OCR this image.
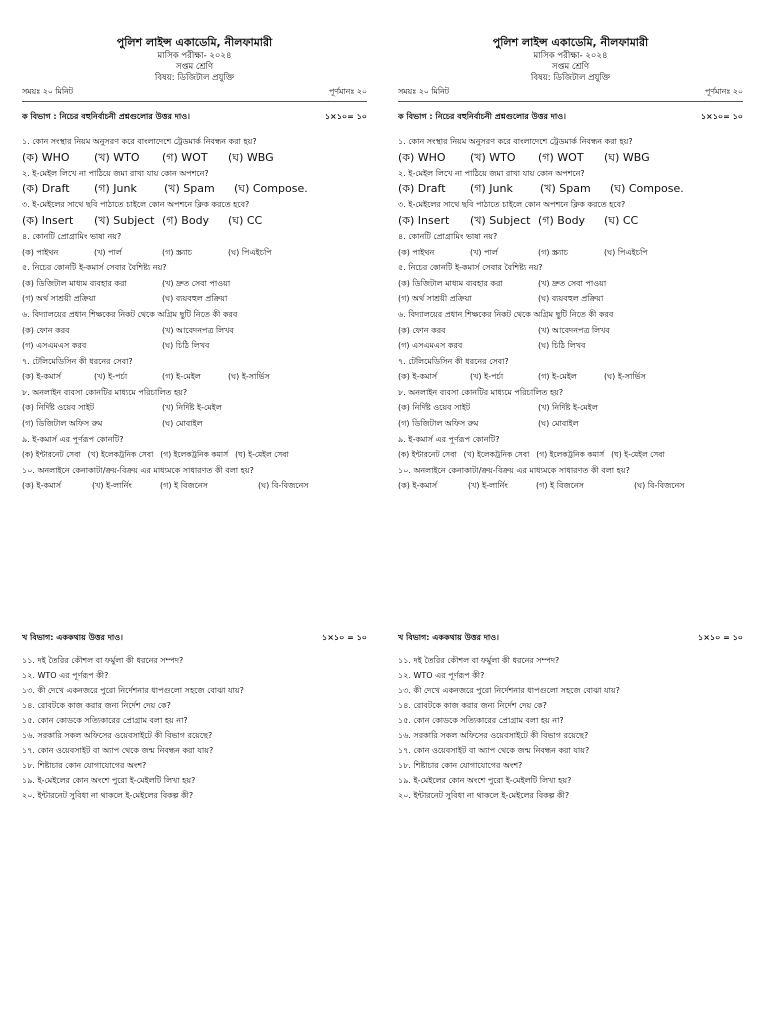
পুলিশ লাইন্স একাডেমি, নীলফামারী
মাসিক পরীক্ষা- ২০২৪
সপ্তম শ্রেণি
বিষয়: ডিজিটাল প্রযুক্তি
সময়ঃ ২০ মিনিট	পূর্ণমানঃ ২০
ক বিভাগ : নিচের বহুনির্বাচনী প্রশ্নগুলোর উত্তর দাও।	১×১০= ১০
১. কোন সংস্থার নিয়ম অনুসরণ করে বাংলাদেশে ট্রেডমার্ক নিবন্ধন করা হয়?
(ক) WHO	(খ) WTO	(গ) WOT	(ঘ) WBG
২. ই-মেইল লিখে না পাঠিয়ে জমা রাখা যায় কোন অপশনে?
(ক) Draft	(গ) Junk	(খ) Spam	(ঘ) Compose.
৩. ই-মেইলের সাথে ছবি পাঠাতে চাইলে কোন অপশনে ক্লিক করতে হবে?
(ক) Insert	(খ) Subject (গ) Body	(ঘ) CC
৪. কোনটি প্রোগ্রামিং ভাষা নয়?
(ক) পাইথন	(খ) পার্ল	(গ) স্ক্র্যাচ	(ঘ) পিএইচপি
৫. নিচের কোনটি ই-কমার্স সেবার বৈশিষ্ট্য নয়?
(ক) ডিজিটাল মাধ্যম ব্যবহার করা	(খ) দ্রুত সেবা পাওয়া
(গ) অর্থ সাশ্রয়ী প্রক্রিয়া	(ঘ) ব্যয়বহুল প্রক্রিয়া
৬. বিদ্যালয়ের প্রধান শিক্ষকের নিকট থেকে অগ্রিম ছুটি নিতে কী করব
(ক) ফোন করব	(খ) আবেদনপত্র লিখব
(গ) এসএমএস করব	(ঘ) চিঠি লিখব
৭. টেলিমেডিসিন কী ধরনের সেবা?
(ক) ই-কমার্স	(খ) ই-পর্চা	(গ) ই-মেইল	(ঘ) ই-সার্ভিস
৮. অনলাইন ব্যবসা কোনটির মাধ্যমে পরিচালিত হয়?
(ক) নির্দিষ্ট ওয়েব সাইট	(খ) নির্দিষ্ট ই-মেইল
(গ) ডিজিটাল অফিস রুম	(ঘ) মোবাইল
৯. ই-কমার্স এর পূর্ণরূপ কোনটি?
(ক) ইন্টারনেট সেবা (খ) ইলেকট্রনিক সেবা (গ) ইলেকট্রনিক কমার্স (ঘ) ই-মেইল সেবা
১০. অনলাইনে কেনাকাটা/ক্রয়-বিক্রয় এর মাধ্যমকে সাধারণত কী বলা হয়?
(ক) ই-কমার্স	(খ) ই-লার্নিং	(গ) ই বিজনেস	(ঘ) বি-বিজনেস
পুলিশ লাইন্স একাডেমি, নীলফামারী
মাসিক পরীক্ষা- ২০২৪
সপ্তম শ্রেণি
বিষয়: ডিজিটাল প্রযুক্তি
সময়ঃ ২০ মিনিট	পূর্ণমানঃ ২০
ক বিভাগ : নিচের বহুনির্বাচনী প্রশ্নগুলোর উত্তর দাও।	১×১০= ১০
১. কোন সংস্থার নিয়ম অনুসরণ করে বাংলাদেশে ট্রেডমার্ক নিবন্ধন করা হয়?
(ক) WHO	(খ) WTO	(গ) WOT	(ঘ) WBG
২. ই-মেইল লিখে না পাঠিয়ে জমা রাখা যায় কোন অপশনে?
(ক) Draft	(গ) Junk	(খ) Spam	(ঘ) Compose.
৩. ই-মেইলের সাথে ছবি পাঠাতে চাইলে কোন অপশনে ক্লিক করতে হবে?
(ক) Insert	(খ) Subject (গ) Body	(ঘ) CC
৪. কোনটি প্রোগ্রামিং ভাষা নয়?
(ক) পাইথন	(খ) পার্ল	(গ) স্ক্র্যাচ	(ঘ) পিএইচপি
৫. নিচের কোনটি ই-কমার্স সেবার বৈশিষ্ট্য নয়?
(ক) ডিজিটাল মাধ্যম ব্যবহার করা	(খ) দ্রুত সেবা পাওয়া
(গ) অর্থ সাশ্রয়ী প্রক্রিয়া	(ঘ) ব্যয়বহুল প্রক্রিয়া
৬. বিদ্যালয়ের প্রধান শিক্ষকের নিকট থেকে অগ্রিম ছুটি নিতে কী করব
(ক) ফোন করব	(খ) আবেদনপত্র লিখব
(গ) এসএমএস করব	(ঘ) চিঠি লিখব
৭. টেলিমেডিসিন কী ধরনের সেবা?
(ক) ই-কমার্স	(খ) ই-পর্চা	(গ) ই-মেইল	(ঘ) ই-সার্ভিস
৮. অনলাইন ব্যবসা কোনটির মাধ্যমে পরিচালিত হয়?
(ক) নির্দিষ্ট ওয়েব সাইট	(খ) নির্দিষ্ট ই-মেইল
(গ) ডিজিটাল অফিস রুম	(ঘ) মোবাইল
৯. ই-কমার্স এর পূর্ণরূপ কোনটি?
(ক) ইন্টারনেট সেবা (খ) ইলেকট্রনিক সেবা (গ) ইলেকট্রনিক কমার্স (ঘ) ই-মেইল সেবা
১০. অনলাইনে কেনাকাটা/ক্রয়-বিক্রয় এর মাধ্যমকে সাধারণত কী বলা হয়?
(ক) ই-কমার্স	(খ) ই-লার্নিং	(গ) ই বিজনেস	(ঘ) বি-বিজনেস
খ বিভাগ: এককথায় উত্তর দাও।	১×১০ = ১০
১১. দই তৈরির কৌশল বা ফর্মুলা কী ধরনের সম্পদ?
১২. WTO এর পূর্ণরূপ কী?
১৩. কী দেখে একনজরে পুরো নির্দেশনার ধাপগুলো সহজে বোঝা যায়?
১৪. রোবটকে কাজ করার জন্য নির্দেশ দেয় কে?
১৫. কোন কোডকে সত্যিকারের প্রোগ্রাম বলা হয় না?
১৬. সরকারি সকল অফিসের ওয়েবসাইটে কী বিভাগ রয়েছে?
১৭. কোন ওয়েবসাইট বা অ্যাপ থেকে জন্ম নিবন্ধন করা যায়?
১৮. শিষ্টাচার কোন যোগাযোগের অংশ?
১৯. ই-মেইলের কোন অংশে পুরো ই-মেইলটি লিখা হয়?
২০. ইন্টারনেট সুবিধা না থাকলে ই-মেইলের বিকল্প কী?
খ বিভাগ: এককথায় উত্তর দাও।	১×১০ = ১০
১১. দই তৈরির কৌশল বা ফর্মুলা কী ধরনের সম্পদ?
১২. WTO এর পূর্ণরূপ কী?
১৩. কী দেখে একনজরে পুরো নির্দেশনার ধাপগুলো সহজে বোঝা যায়?
১৪. রোবটকে কাজ করার জন্য নির্দেশ দেয় কে?
১৫. কোন কোডকে সত্যিকারের প্রোগ্রাম বলা হয় না?
১৬. সরকারি সকল অফিসের ওয়েবসাইটে কী বিভাগ রয়েছে?
১৭. কোন ওয়েবসাইট বা অ্যাপ থেকে জন্ম নিবন্ধন করা যায়?
১৮. শিষ্টাচার কোন যোগাযোগের অংশ?
১৯. ই-মেইলের কোন অংশে পুরো ই-মেইলটি লিখা হয়?
২০. ইন্টারনেট সুবিধা না থাকলে ই-মেইলের বিকল্প কী?
